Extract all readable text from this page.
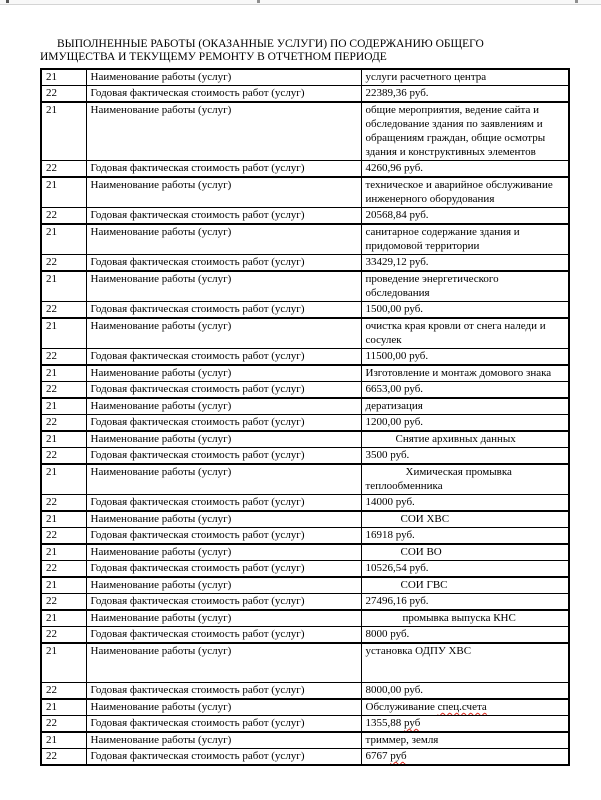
ВЫПОЛНЕННЫЕ РАБОТЫ (ОКАЗАННЫЕ УСЛУГИ) ПО СОДЕРЖАНИЮ ОБЩЕГО
ИМУЩЕСТВА И ТЕКУЩЕМУ РЕМОНТУ В ОТЧЕТНОМ ПЕРИОДЕ
21	Наименование работы (услуг)	услуги расчетного центра
22	Годовая фактическая стоимость работ (услуг)	22389,36 руб.
21	Наименование работы (услуг)	общие мероприятия, ведение сайта и обследование здания по заявлениям и обращениям граждан, общие осмотры здания и конструктивных элементов
22	Годовая фактическая стоимость работ (услуг)	4260,96 руб.
21	Наименование работы (услуг)	техническое и аварийное обслуживание инженерного оборудования
22	Годовая фактическая стоимость работ (услуг)	20568,84 руб.
21	Наименование работы (услуг)	санитарное содержание здания и придомовой территории
22	Годовая фактическая стоимость работ (услуг)	33429,12 руб.
21	Наименование работы (услуг)	проведение энергетического обследования
22	Годовая фактическая стоимость работ (услуг)	1500,00 руб.
21	Наименование работы (услуг)	очистка края кровли от снега наледи и сосулек
22	Годовая фактическая стоимость работ (услуг)	11500,00 руб.
21	Наименование работы (услуг)	Изготовление и монтаж домового знака
22	Годовая фактическая стоимость работ (услуг)	6653,00 руб.
21	Наименование работы (услуг)	дератизация
22	Годовая фактическая стоимость работ (услуг)	1200,00 руб.
21	Наименование работы (услуг)	Снятие архивных данных
22	Годовая фактическая стоимость работ (услуг)	3500 руб.
21	Наименование работы (услуг)	Химическая промывка теплообменника
22	Годовая фактическая стоимость работ (услуг)	14000 руб.
21	Наименование работы (услуг)	СОИ ХВС
22	Годовая фактическая стоимость работ (услуг)	16918 руб.
21	Наименование работы (услуг)	СОИ ВО
22	Годовая фактическая стоимость работ (услуг)	10526,54 руб.
21	Наименование работы (услуг)	СОИ ГВС
22	Годовая фактическая стоимость работ (услуг)	27496,16 руб.
21	Наименование работы (услуг)	промывка выпуска КНС
22	Годовая фактическая стоимость работ (услуг)	8000 руб.
21	Наименование работы (услуг)	установка ОДПУ ХВС
22	Годовая фактическая стоимость работ (услуг)	8000,00 руб.
21	Наименование работы (услуг)	Обслуживание спец.счета
22	Годовая фактическая стоимость работ (услуг)	1355,88 руб
21	Наименование работы (услуг)	триммер, земля
22	Годовая фактическая стоимость работ (услуг)	6767 руб
